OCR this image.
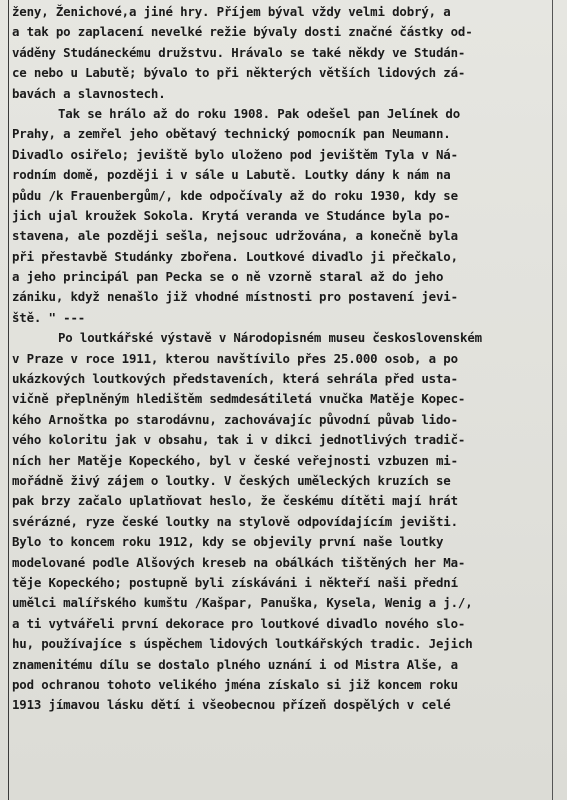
ženy, Ženichové,a jiné hry. Příjem býval vždy velmi dobrý, a
a tak po zaplacení nevelké režie bývaly dosti značné částky od-
váděny Studáneckému družstvu. Hrávalo se také někdy ve Studán-
ce nebo u Labutě; bývalo to při některých větších lidových zá-
bavách a slavnostech.
Tak se hrálo až do roku 1908. Pak odešel pan Jelínek do
Prahy, a zemřel jeho obětavý technický pomocník pan Neumann.
Divadlo osiřelo; jeviště bylo uloženo pod jevištěm Tyla v Ná-
rodním domě, později i v sále u Labutě. Loutky dány k nám na
půdu /k Frauenbergům/, kde odpočívaly až do roku 1930, kdy se
jich ujal kroužek Sokola. Krytá veranda ve Studánce byla po-
stavena, ale později sešla, nejsouc udržována, a konečně byla
při přestavbě Studánky zbořena. Loutkové divadlo ji přečkalo,
a jeho principál pan Pecka se o ně vzorně staral až do jeho
zániku, když nenašlo již vhodné místnosti pro postavení jevi-
ště. " ---
Po loutkářské výstavě v Národopisném museu československém
v Praze v roce 1911, kterou navštívilo přes 25.000 osob, a po
ukázkových loutkových představeních, která sehrála před usta-
vičně přeplněným hledištěm sedmdesátiletá vnučka Matěje Kopec-
kého Arnoštka po starodávnu, zachovávajíc původní půvab lido-
vého koloritu jak v obsahu, tak i v dikci jednotlivých tradič-
ních her Matěje Kopeckého, byl v české veřejnosti vzbuzen mi-
mořádně živý zájem o loutky. V českých uměleckých kruzích se
pak brzy začalo uplatňovat heslo, že českému dítěti mají hrát
svérázné, ryze české loutky na stylově odpovídajícím jevišti.
Bylo to koncem roku 1912, kdy se objevily první naše loutky
modelované podle Alšových kreseb na obálkách tištěných her Ma-
těje Kopeckého; postupně byli získáváni i někteří naši přední
umělci malířského kumštu /Kašpar, Panuška, Kysela, Wenig a j./,
a ti vytvářeli první dekorace pro loutkové divadlo nového slo-
hu, používajíce s úspěchem lidových loutkářských tradic. Jejich
znamenitému dílu se dostalo plného uznání i od Mistra Alše, a
pod ochranou tohoto velikého jména získalo si již koncem roku
1913 jímavou lásku dětí i všeobecnou přízeň dospělých v celé
